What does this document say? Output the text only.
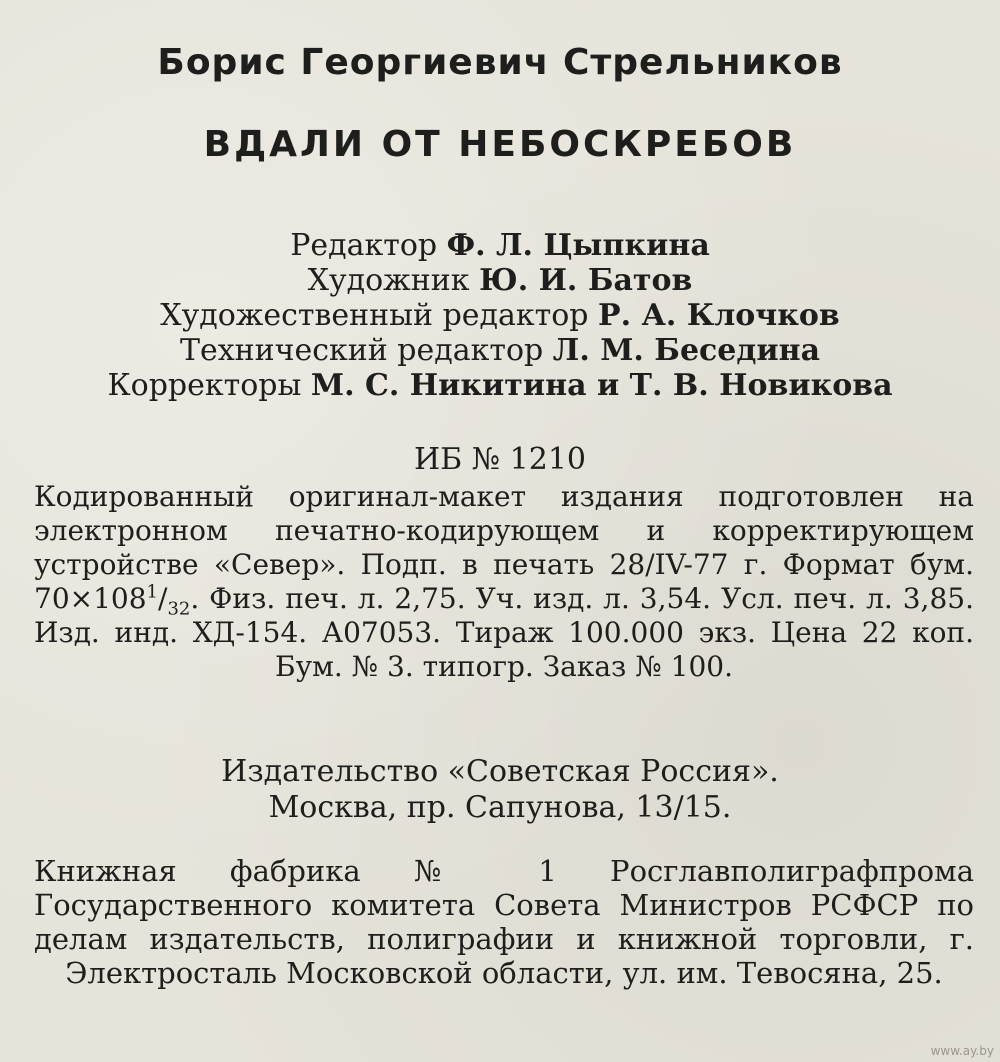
Борис Георгиевич Стрельников
ВДАЛИ ОТ НЕБОСКРЕБОВ
Редактор Ф. Л. Цыпкина
Художник Ю. И. Батов
Художественный редактор Р. А. Клочков
Технический редактор Л. М. Беседина
Корректоры М. С. Никитина и Т. В. Новикова
ИБ № 1210
Кодированный оригинал-макет издания подготовлен на электронном печатно-кодирующем и корректирующем устройстве «Север». Подп. в печать 28/IV-77 г. Формат бум. $70\times 108^1/_{32}$. Физ. печ. л. 2,75. Уч. изд. л. 3,54. Усл. печ. л. 3,85. Изд. инд. ХД-154. А07053. Тираж 100.000 экз. Цена 22 коп. Бум. № 3. типогр. Заказ № 100.
Издательство «Советская Россия».
Москва, пр. Сапунова, 13/15.
Книжная фабрика № 1 Росглавполиграфпрома Государственного комитета Совета Министров РСФСР по делам издательств, полиграфии и книжной торговли, г. Электросталь Московской области, ул. им. Тевосяна, 25.
www.ay.by
